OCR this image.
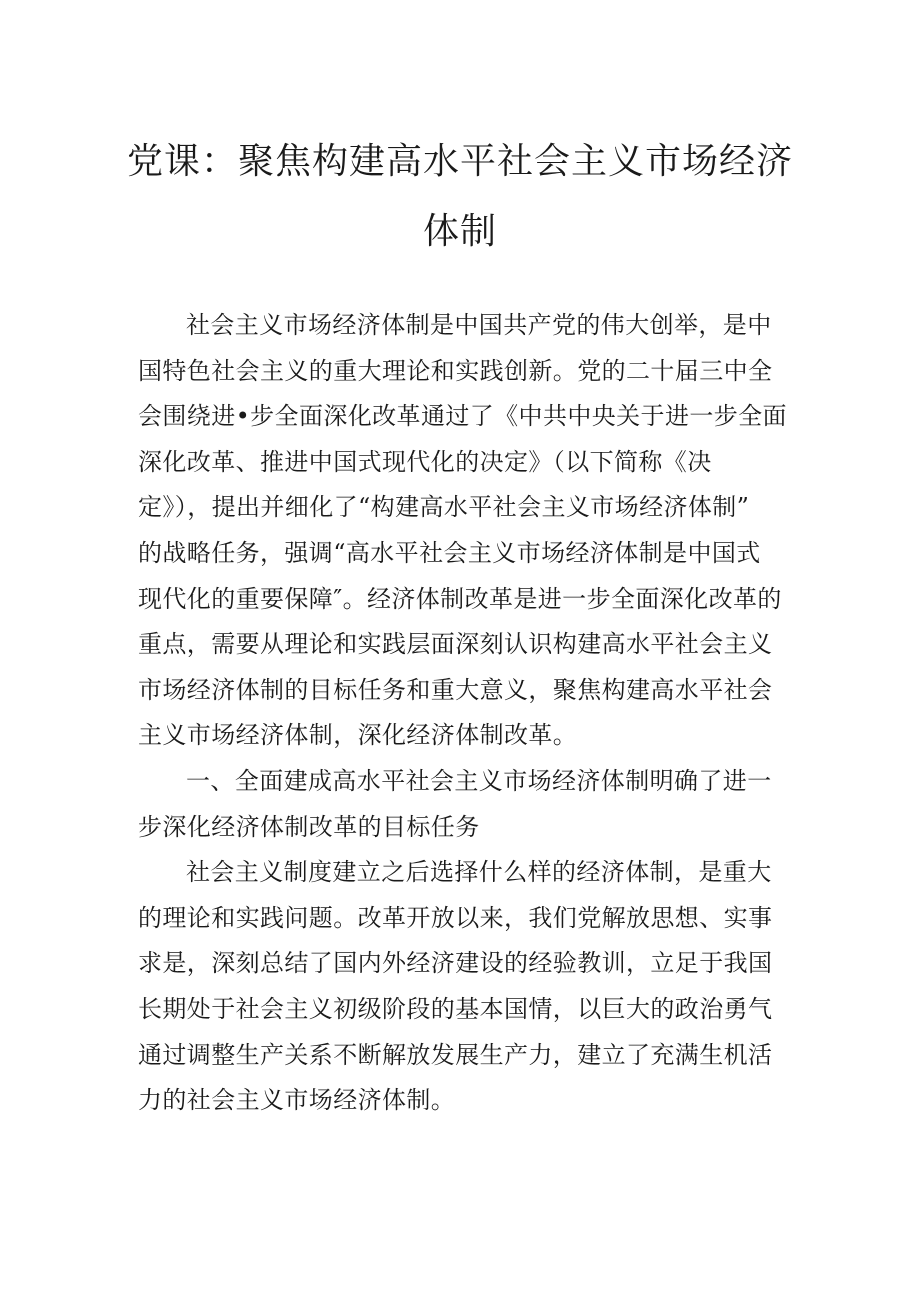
党课：聚焦构建高水平社会主义市场经济
体制

社会主义市场经济体制是中国共产党的伟大创举，是中
国特色社会主义的重大理论和实践创新。党的二十届三中全
会围绕进•步全面深化改革通过了《中共中央关于进一步全面
深化改革、推进中国式现代化的决定》（以下简称《决
定》），提出并细化了“构建高水平社会主义市场经济体制”
的战略任务，强调“高水平社会主义市场经济体制是中国式
现代化的重要保障″。经济体制改革是进一步全面深化改革的
重点，需要从理论和实践层面深刻认识构建高水平社会主义
市场经济体制的目标任务和重大意义，聚焦构建高水平社会
主义市场经济体制，深化经济体制改革。

一、全面建成高水平社会主义市场经济体制明确了进一
步深化经济体制改革的目标任务

社会主义制度建立之后选择什么样的经济体制，是重大
的理论和实践问题。改革开放以来，我们党解放思想、实事
求是，深刻总结了国内外经济建设的经验教训，立足于我国
长期处于社会主义初级阶段的基本国情，以巨大的政治勇气
通过调整生产关系不断解放发展生产力，建立了充满生机活
力的社会主义市场经济体制。
